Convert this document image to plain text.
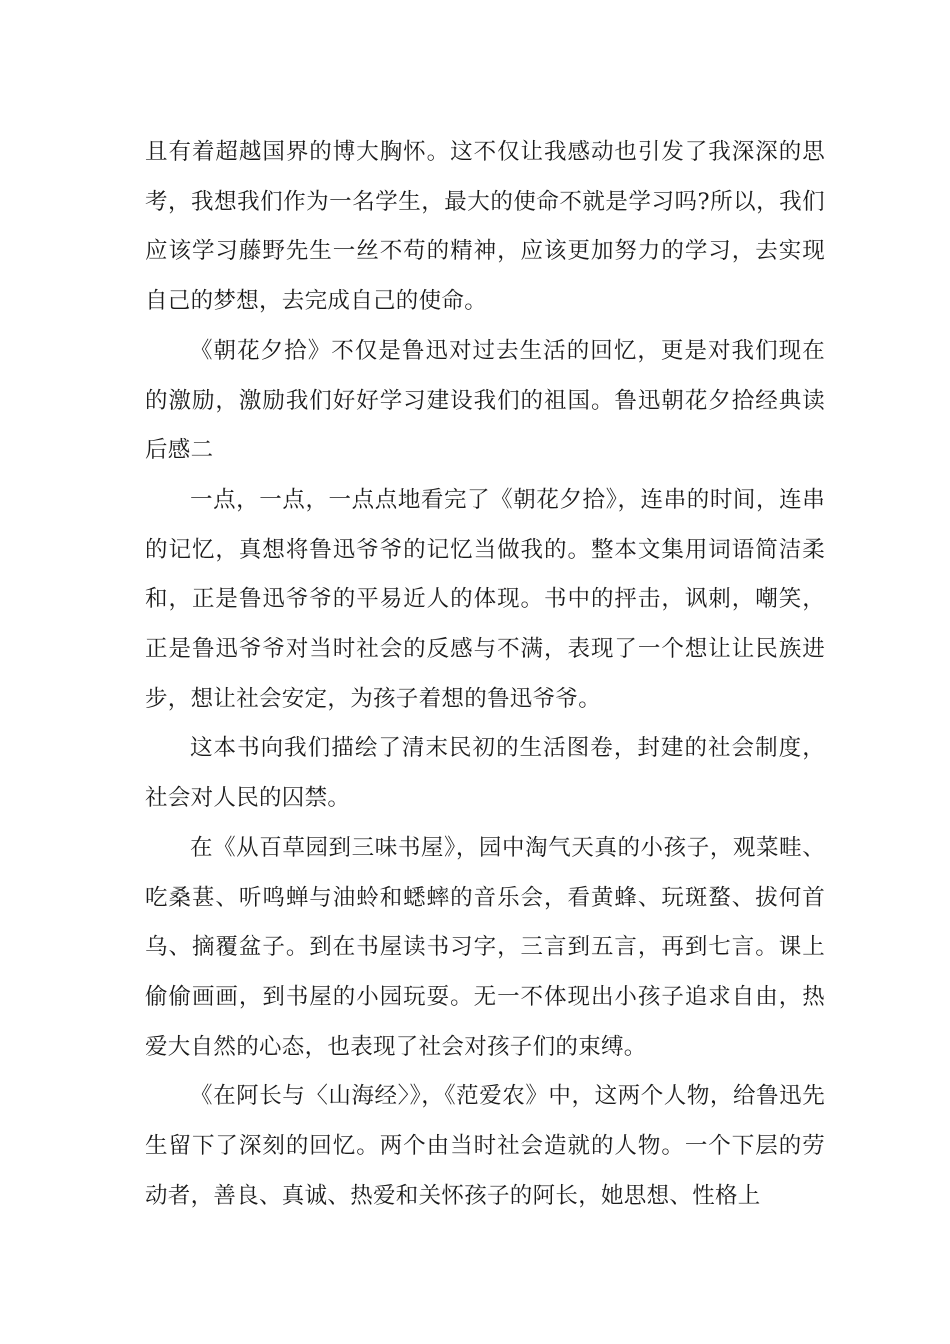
且有着超越国界的博大胸怀。这不仅让我感动也引发了我深深的思考，我想我们作为一名学生，最大的使命不就是学习吗?所以，我们应该学习藤野先生一丝不苟的精神，应该更加努力的学习，去实现自己的梦想，去完成自己的使命。

《朝花夕拾》不仅是鲁迅对过去生活的回忆，更是对我们现在的激励，激励我们好好学习建设我们的祖国。鲁迅朝花夕拾经典读后感二

一点，一点，一点点地看完了《朝花夕拾》，连串的时间，连串的记忆，真想将鲁迅爷爷的记忆当做我的。整本文集用词语简洁柔和，正是鲁迅爷爷的平易近人的体现。书中的抨击，讽刺，嘲笑，正是鲁迅爷爷对当时社会的反感与不满，表现了一个想让让民族进步，想让社会安定，为孩子着想的鲁迅爷爷。

这本书向我们描绘了清末民初的生活图卷，封建的社会制度，社会对人民的囚禁。

在《从百草园到三味书屋》，园中淘气天真的小孩子，观菜畦、吃桑葚、听鸣蝉与油蛉和蟋蟀的音乐会，看黄蜂、玩斑蝥、拔何首乌、摘覆盆子。到在书屋读书习字，三言到五言，再到七言。课上偷偷画画，到书屋的小园玩耍。无一不体现出小孩子追求自由，热爱大自然的心态，也表现了社会对孩子们的束缚。

《在阿长与〈山海经〉》，《范爱农》中，这两个人物，给鲁迅先生留下了深刻的回忆。两个由当时社会造就的人物。一个下层的劳动者，善良、真诚、热爱和关怀孩子的阿长，她思想、性格上
